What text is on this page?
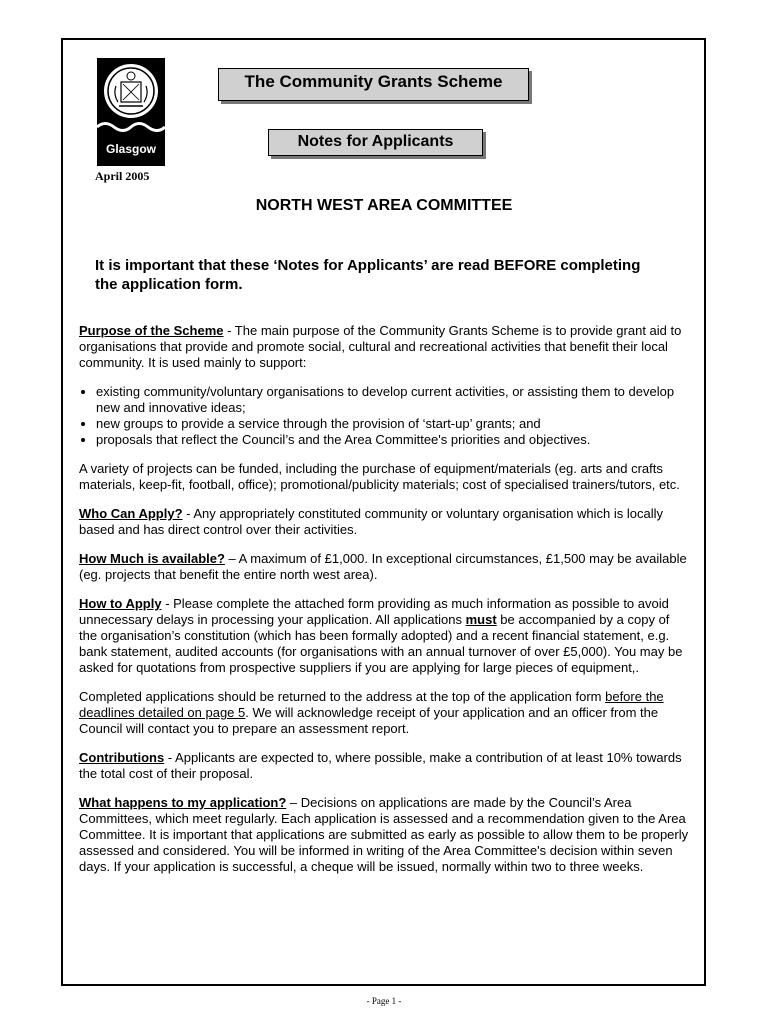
Glasgow
April 2005
The Community Grants Scheme
Notes for Applicants
NORTH WEST AREA COMMITTEE
It is important that these ‘Notes for Applicants’ are read BEFORE completing the application form.

Purpose of the Scheme - The main purpose of the Community Grants Scheme is to provide grant aid to organisations that provide and promote social, cultural and recreational activities that benefit their local community. It is used mainly to support:

• existing community/voluntary organisations to develop current activities, or assisting them to develop new and innovative ideas;
• new groups to provide a service through the provision of ‘start-up’ grants; and
• proposals that reflect the Council’s and the Area Committee's priorities and objectives.

A variety of projects can be funded, including the purchase of equipment/materials (eg. arts and crafts materials, keep-fit, football, office); promotional/publicity materials; cost of specialised trainers/tutors, etc.

Who Can Apply? - Any appropriately constituted community or voluntary organisation which is locally based and has direct control over their activities.

How Much is available? – A maximum of £1,000. In exceptional circumstances, £1,500 may be available (eg. projects that benefit the entire north west area).

How to Apply - Please complete the attached form providing as much information as possible to avoid unnecessary delays in processing your application. All applications must be accompanied by a copy of the organisation’s constitution (which has been formally adopted) and a recent financial statement, e.g. bank statement, audited accounts (for organisations with an annual turnover of over £5,000). You may be asked for quotations from prospective suppliers if you are applying for large pieces of equipment,.

Completed applications should be returned to the address at the top of the application form before the deadlines detailed on page 5. We will acknowledge receipt of your application and an officer from the Council will contact you to prepare an assessment report.

Contributions - Applicants are expected to, where possible, make a contribution of at least 10% towards the total cost of their proposal.

What happens to my application? – Decisions on applications are made by the Council’s Area Committees, which meet regularly. Each application is assessed and a recommendation given to the Area Committee. It is important that applications are submitted as early as possible to allow them to be properly assessed and considered. You will be informed in writing of the Area Committee's decision within seven days. If your application is successful, a cheque will be issued, normally within two to three weeks.

- Page 1 -
